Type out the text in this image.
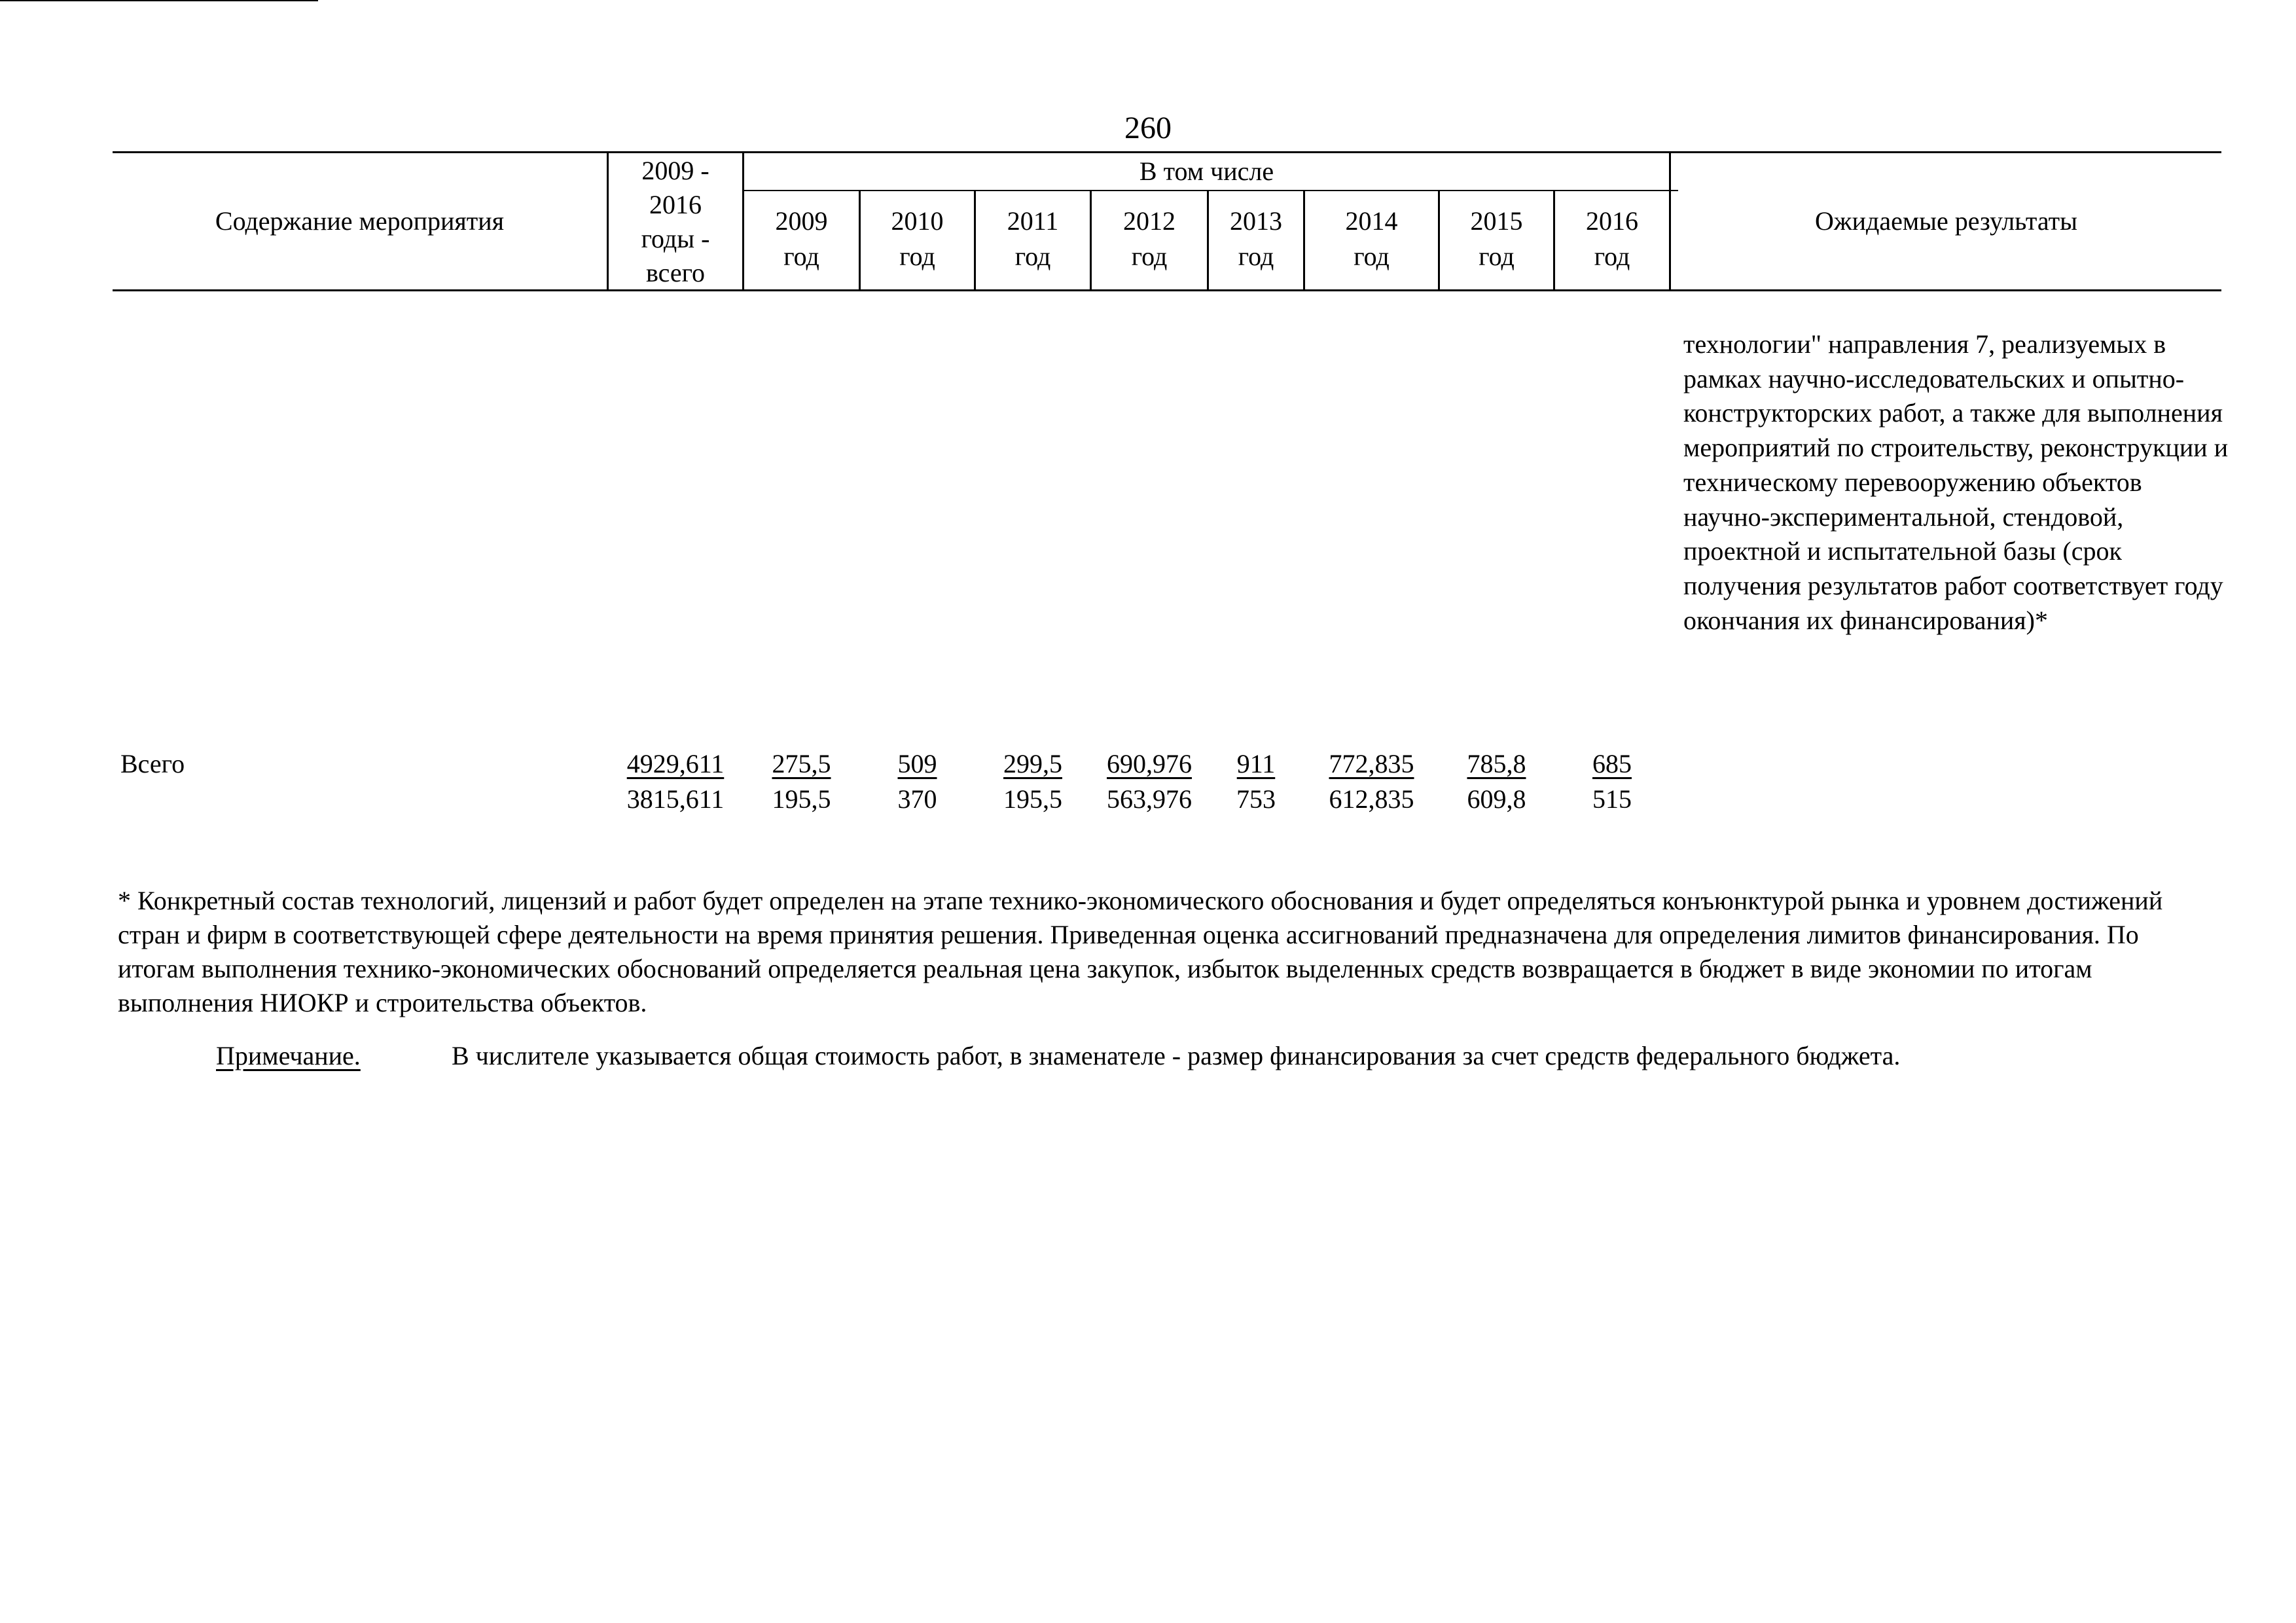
260
Содержание мероприятия
2009 -
2016
годы -
всего
В том числе
2009
год
2010
год
2011
год
2012
год
2013
год
2014
год
2015
год
2016
год
Ожидаемые результаты
технологии" направления 7, реализуемых в рамках научно-исследовательских и опытно-конструкторских работ, а также для выполнения мероприятий по строительству, реконструкции и техническому перевооружению объектов научно-экспериментальной, стендовой, проектной и испытательной базы (срок получения результатов работ соответствует году окончания их финансирования)*
Всего	4929,611
3815,611
275,5
195,5
509
370
299,5
195,5
690,976
563,976
911
753
772,835
612,835
785,8
609,8
685
515
* Конкретный состав технологий, лицензий и работ будет определен на этапе технико-экономического обоснования и будет определяться конъюнктурой рынка и уровнем достижений стран и фирм в соответствующей сфере деятельности на время принятия решения. Приведенная оценка ассигнований предназначена для определения лимитов финансирования. По итогам выполнения технико-экономических обоснований определяется реальная цена закупок, избыток выделенных средств возвращается в бюджет в виде экономии по итогам выполнения НИОКР и строительства объектов.
Примечание.	В числителе указывается общая стоимость работ, в знаменателе - размер финансирования за счет средств федерального бюджета.
